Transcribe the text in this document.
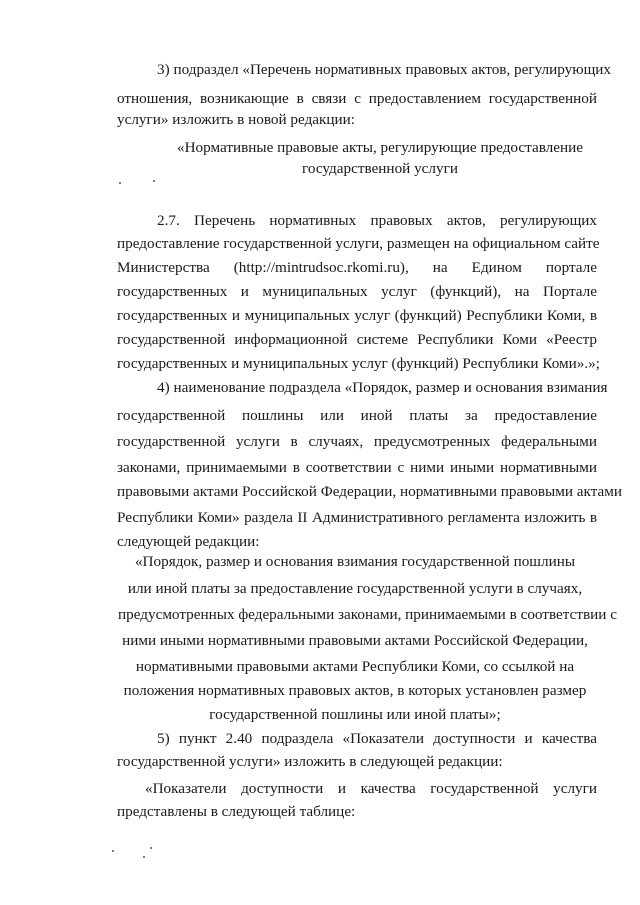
3) подраздел «Перечень нормативных правовых актов, регулирующих
отношения, возникающие в связи с предоставлением государственной
услуги» изложить в новой редакции:
«Нормативные правовые акты, регулирующие предоставление
государственной услуги
2.7. Перечень нормативных правовых актов, регулирующих
предоставление государственной услуги, размещен на официальном сайте
Министерства (http://mintrudsoc.rkomi.ru), на Едином портале
государственных и муниципальных услуг (функций), на Портале
государственных и муниципальных услуг (функций) Республики Коми, в
государственной информационной системе Республики Коми «Реестр
государственных и муниципальных услуг (функций) Республики Коми».»;
4) наименование подраздела «Порядок, размер и основания взимания
государственной пошлины или иной платы за предоставление
государственной услуги в случаях, предусмотренных федеральными
законами, принимаемыми в соответствии с ними иными нормативными
правовыми актами Российской Федерации, нормативными правовыми актами
Республики Коми» раздела II Административного регламента изложить в
следующей редакции:
«Порядок, размер и основания взимания государственной пошлины
или иной платы за предоставление государственной услуги в случаях,
предусмотренных федеральными законами, принимаемыми в соответствии с
ними иными нормативными правовыми актами Российской Федерации,
нормативными правовыми актами Республики Коми, со ссылкой на
положения нормативных правовых актов, в которых установлен размер
государственной пошлины или иной платы»;
5) пункт 2.40 подраздела «Показатели доступности и качества
государственной услуги» изложить в следующей редакции:
«Показатели доступности и качества государственной услуги
представлены в следующей таблице:
